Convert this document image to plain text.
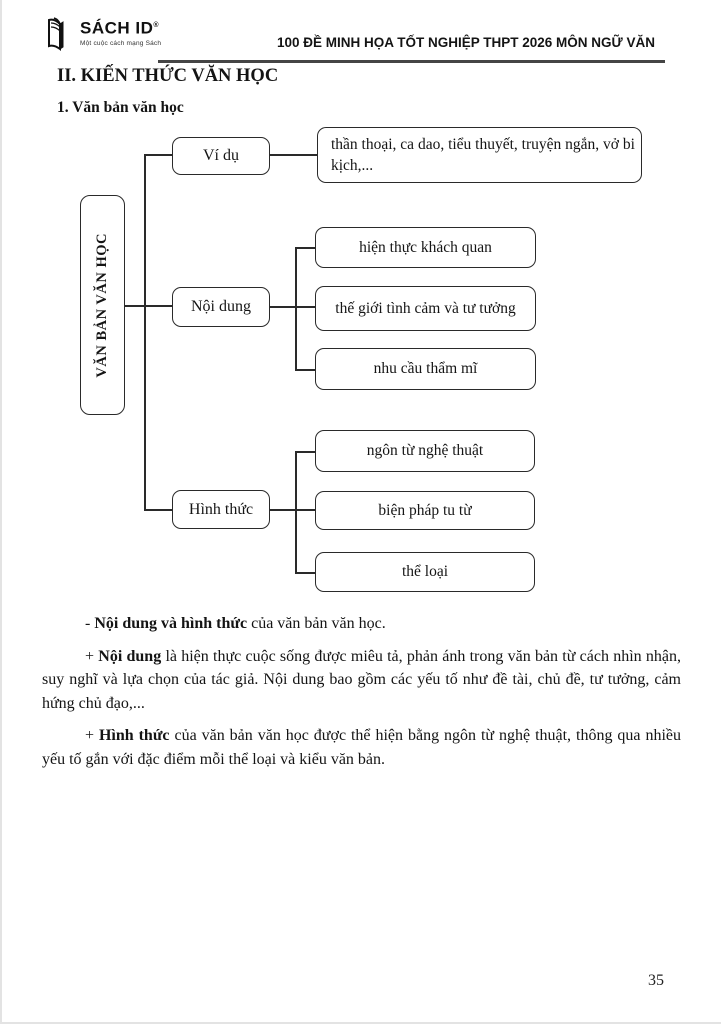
SÁCH ID®
Một cuộc cách mạng Sách	100 ĐỀ MINH HỌA TỐT NGHIỆP THPT 2026 MÔN NGỮ VĂN
II. KIẾN THỨC VĂN HỌC
1. Văn bản văn học
VĂN BẢN VĂN HỌC
Ví dụ
thần thoại, ca dao, tiểu thuyết, truyện ngắn, vở bi kịch,...
Nội dung
hiện thực khách quan
thế giới tình cảm và tư tưởng
nhu cầu thẩm mĩ
Hình thức
ngôn từ nghệ thuật
biện pháp tu từ
thể loại

- Nội dung và hình thức của văn bản văn học.

+ Nội dung là hiện thực cuộc sống được miêu tả, phản ánh trong văn bản từ cách nhìn nhận, suy nghĩ và lựa chọn của tác giả. Nội dung bao gồm các yếu tố như đề tài, chủ đề, tư tưởng, cảm hứng chủ đạo,...

+ Hình thức của văn bản văn học được thể hiện bằng ngôn từ nghệ thuật, thông qua nhiều yếu tố gắn với đặc điểm mỗi thể loại và kiểu văn bản.

35
